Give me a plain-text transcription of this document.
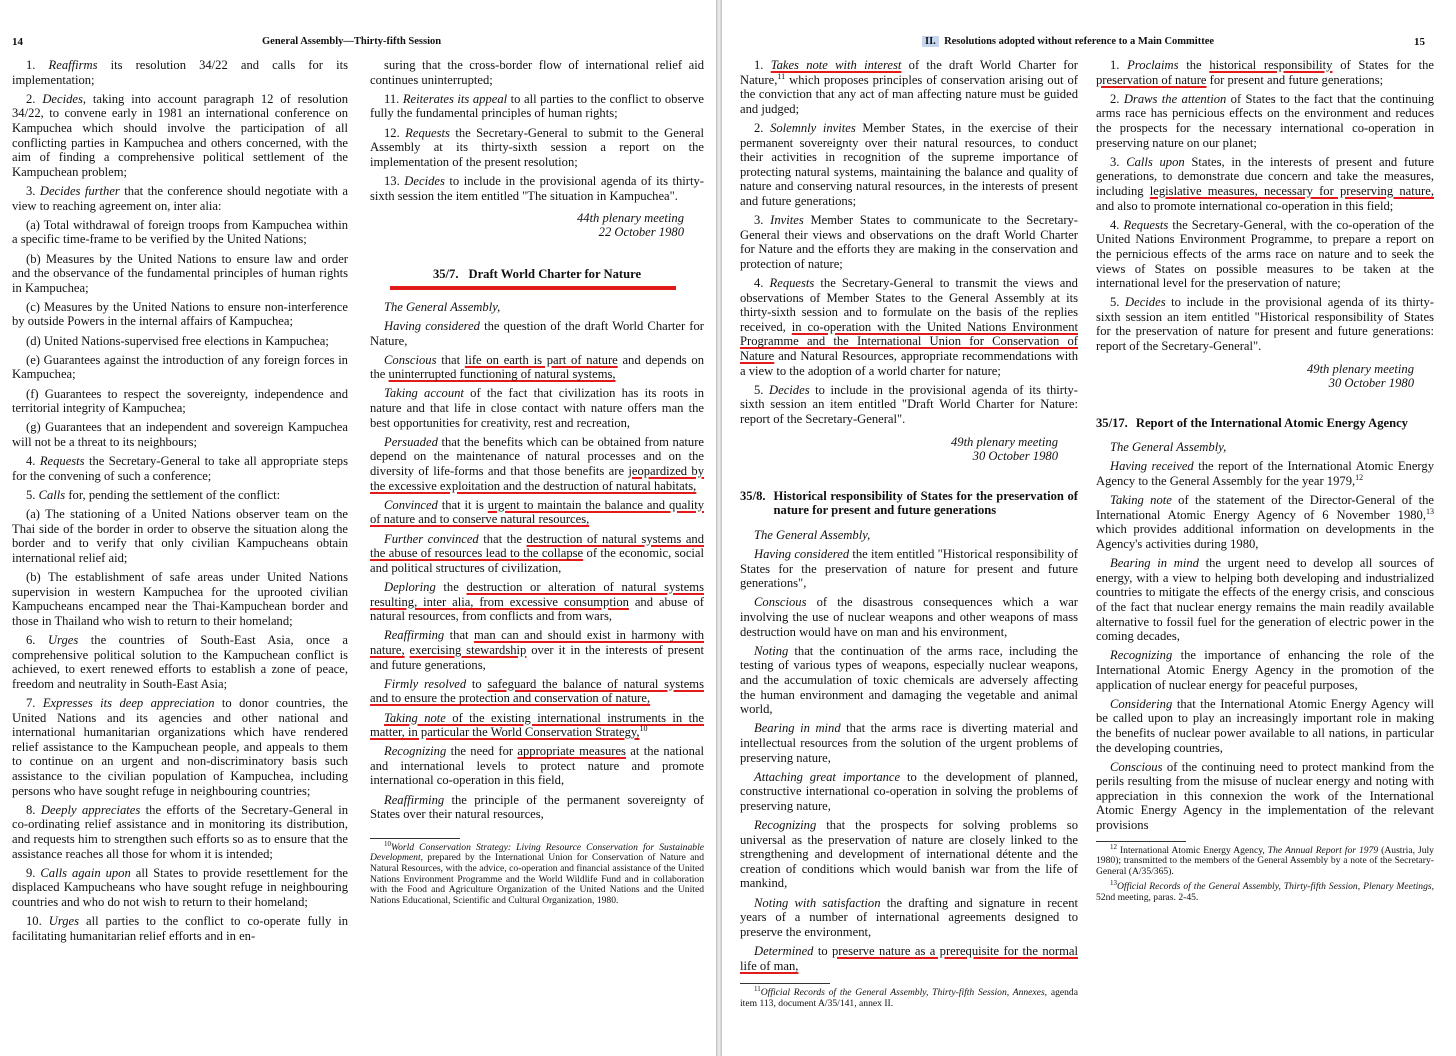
14	General Assembly—Thirty-fifth Session

1. Reaffirms its resolution 34/22 and calls for its implementation;

2. Decides, taking into account paragraph 12 of resolution 34/22, to convene early in 1981 an international conference on Kampuchea which should involve the participation of all conflicting parties in Kampuchea and others concerned, with the aim of finding a comprehensive political settlement of the Kampuchean problem;

3. Decides further that the conference should negotiate with a view to reaching agreement on, inter alia:

(a) Total withdrawal of foreign troops from Kampuchea within a specific time-frame to be verified by the United Nations;

(b) Measures by the United Nations to ensure law and order and the observance of the fundamental principles of human rights in Kampuchea;

(c) Measures by the United Nations to ensure non-interference by outside Powers in the internal affairs of Kampuchea;

(d) United Nations-supervised free elections in Kampuchea;

(e) Guarantees against the introduction of any foreign forces in Kampuchea;

(f) Guarantees to respect the sovereignty, independence and territorial integrity of Kampuchea;

(g) Guarantees that an independent and sovereign Kampuchea will not be a threat to its neighbours;

4. Requests the Secretary-General to take all appropriate steps for the convening of such a conference;

5. Calls for, pending the settlement of the conflict:

(a) The stationing of a United Nations observer team on the Thai side of the border in order to observe the situation along the border and to verify that only civilian Kampucheans obtain international relief aid;

(b) The establishment of safe areas under United Nations supervision in western Kampuchea for the uprooted civilian Kampucheans encamped near the Thai-Kampuchean border and those in Thailand who wish to return to their homeland;

6. Urges the countries of South-East Asia, once a comprehensive political solution to the Kampuchean conflict is achieved, to exert renewed efforts to establish a zone of peace, freedom and neutrality in South-East Asia;

7. Expresses its deep appreciation to donor countries, the United Nations and its agencies and other national and international humanitarian organizations which have rendered relief assistance to the Kampuchean people, and appeals to them to continue on an urgent and non-discriminatory basis such assistance to the civilian population of Kampuchea, including persons who have sought refuge in neighbouring countries;

8. Deeply appreciates the efforts of the Secretary-General in co-ordinating relief assistance and in monitoring its distribution, and requests him to strengthen such efforts so as to ensure that the assistance reaches all those for whom it is intended;

9. Calls again upon all States to provide resettlement for the displaced Kampucheans who have sought refuge in neighbouring countries and who do not wish to return to their homeland;

10. Urges all parties to the conflict to co-operate fully in facilitating humanitarian relief efforts and in en-

suring that the cross-border flow of international relief aid continues uninterrupted;

11. Reiterates its appeal to all parties to the conflict to observe fully the fundamental principles of human rights;

12. Requests the Secretary-General to submit to the General Assembly at its thirty-sixth session a report on the implementation of the present resolution;

13. Decides to include in the provisional agenda of its thirty-sixth session the item entitled "The situation in Kampuchea".

44th plenary meeting
22 October 1980
35/7. Draft World Charter for Nature

The General Assembly,

Having considered the question of the draft World Charter for Nature,

Conscious that life on earth is part of nature and depends on the uninterrupted functioning of natural systems,

Taking account of the fact that civilization has its roots in nature and that life in close contact with nature offers man the best opportunities for creativity, rest and recreation,

Persuaded that the benefits which can be obtained from nature depend on the maintenance of natural processes and on the diversity of life-forms and that those benefits are jeopardized by the excessive exploitation and the destruction of natural habitats,

Convinced that it is urgent to maintain the balance and quality of nature and to conserve natural resources,

Further convinced that the destruction of natural systems and the abuse of resources lead to the collapse of the economic, social and political structures of civilization,

Deploring the destruction or alteration of natural systems resulting, inter alia, from excessive consumption and abuse of natural resources, from conflicts and from wars,

Reaffirming that man can and should exist in harmony with nature, exercising stewardship over it in the interests of present and future generations,

Firmly resolved to safeguard the balance of natural systems and to ensure the protection and conservation of nature,

Taking note of the existing international instruments in the matter, in particular the World Conservation Strategy,$^{10}$

Recognizing the need for appropriate measures at the national and international levels to protect nature and promote international co-operation in this field,

Reaffirming the principle of the permanent sovereignty of States over their natural resources,

$^{10}$World Conservation Strategy: Living Resource Conservation for Sustainable Development, prepared by the International Union for Conservation of Nature and Natural Resources, with the advice, co-operation and financial assistance of the United Nations Environment Programme and the World Wildlife Fund and in collaboration with the Food and Agriculture Organization of the United Nations and the United Nations Educational, Scientific and Cultural Organization, 1980.

II. Resolutions adopted without reference to a Main Committee	15

1. Takes note with interest of the draft World Charter for Nature,$^{11}$ which proposes principles of conservation arising out of the conviction that any act of man affecting nature must be guided and judged;

2. Solemnly invites Member States, in the exercise of their permanent sovereignty over their natural resources, to conduct their activities in recognition of the supreme importance of protecting natural systems, maintaining the balance and quality of nature and conserving natural resources, in the interests of present and future generations;

3. Invites Member States to communicate to the Secretary-General their views and observations on the draft World Charter for Nature and the efforts they are making in the conservation and protection of nature;

4. Requests the Secretary-General to transmit the views and observations of Member States to the General Assembly at its thirty-sixth session and to formulate on the basis of the replies received, in co-operation with the United Nations Environment Programme and the International Union for Conservation of Nature and Natural Resources, appropriate recommendations with a view to the adoption of a world charter for nature;

5. Decides to include in the provisional agenda of its thirty-sixth session an item entitled "Draft World Charter for Nature: report of the Secretary-General".

49th plenary meeting
30 October 1980
35/8. Historical responsibility of States for the preservation of nature for present and future generations

The General Assembly,

Having considered the item entitled "Historical responsibility of States for the preservation of nature for present and future generations",

Conscious of the disastrous consequences which a war involving the use of nuclear weapons and other weapons of mass destruction would have on man and his environment,

Noting that the continuation of the arms race, including the testing of various types of weapons, especially nuclear weapons, and the accumulation of toxic chemicals are adversely affecting the human environment and damaging the vegetable and animal world,

Bearing in mind that the arms race is diverting material and intellectual resources from the solution of the urgent problems of preserving nature,

Attaching great importance to the development of planned, constructive international co-operation in solving the problems of preserving nature,

Recognizing that the prospects for solving problems so universal as the preservation of nature are closely linked to the strengthening and development of international détente and the creation of conditions which would banish war from the life of mankind,

Noting with satisfaction the drafting and signature in recent years of a number of international agreements designed to preserve the environment,

Determined to preserve nature as a prerequisite for the normal life of man,

$^{11}$Official Records of the General Assembly, Thirty-fifth Session, Annexes, agenda item 113, document A/35/141, annex II.

1. Proclaims the historical responsibility of States for the preservation of nature for present and future generations;

2. Draws the attention of States to the fact that the continuing arms race has pernicious effects on the environment and reduces the prospects for the necessary international co-operation in preserving nature on our planet;

3. Calls upon States, in the interests of present and future generations, to demonstrate due concern and take the measures, including legislative measures, necessary for preserving nature, and also to promote international co-operation in this field;

4. Requests the Secretary-General, with the co-operation of the United Nations Environment Programme, to prepare a report on the pernicious effects of the arms race on nature and to seek the views of States on possible measures to be taken at the international level for the preservation of nature;

5. Decides to include in the provisional agenda of its thirty-sixth session an item entitled "Historical responsibility of States for the preservation of nature for present and future generations: report of the Secretary-General".

49th plenary meeting
30 October 1980
35/17. Report of the International Atomic Energy Agency

The General Assembly,

Having received the report of the International Atomic Energy Agency to the General Assembly for the year 1979,12

Taking note of the statement of the Director-General of the International Atomic Energy Agency of 6 November 1980,13 which provides additional information on developments in the Agency's activities during 1980,

Bearing in mind the urgent need to develop all sources of energy, with a view to helping both developing and industrialized countries to mitigate the effects of the energy crisis, and conscious of the fact that nuclear energy remains the main readily available alternative to fossil fuel for the generation of electric power in the coming decades,

Recognizing the importance of enhancing the role of the International Atomic Energy Agency in the promotion of the application of nuclear energy for peaceful purposes,

Considering that the International Atomic Energy Agency will be called upon to play an increasingly important role in making the benefits of nuclear power available to all nations, in particular the developing countries,

Conscious of the continuing need to protect mankind from the perils resulting from the misuse of nuclear energy and noting with appreciation in this connexion the work of the International Atomic Energy Agency in the implementation of the relevant provisions

$^{12}$ International Atomic Energy Agency, The Annual Report for 1979 (Austria, July 1980); transmitted to the members of the General Assembly by a note of the Secretary-General (A/35/365).

$^{13}$Official Records of the General Assembly, Thirty-fifth Session, Plenary Meetings, 52nd meeting, paras. 2-45.
